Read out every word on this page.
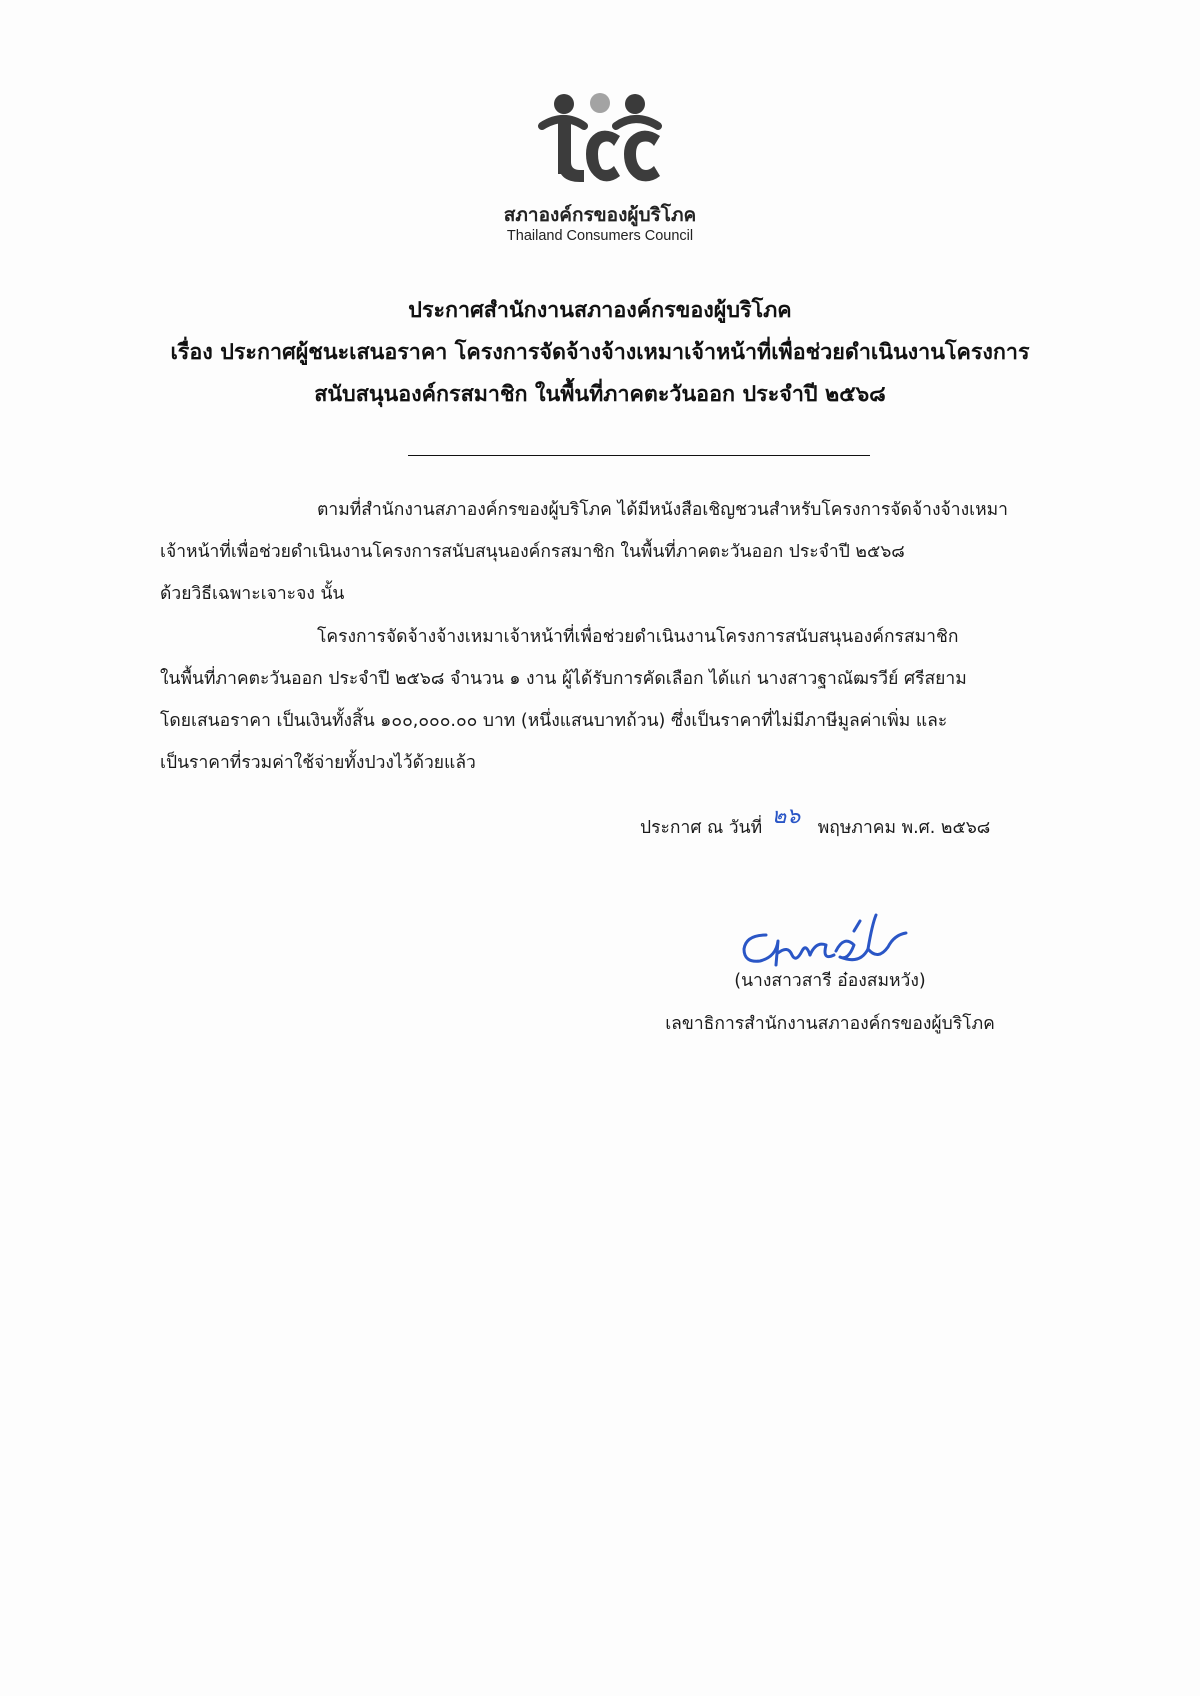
สภาองค์กรของผู้บริโภค
Thailand Consumers Council
ประกาศสำนักงานสภาองค์กรของผู้บริโภค
เรื่อง ประกาศผู้ชนะเสนอราคา โครงการจัดจ้างจ้างเหมาเจ้าหน้าที่เพื่อช่วยดำเนินงานโครงการ
สนับสนุนองค์กรสมาชิก ในพื้นที่ภาคตะวันออก ประจำปี ๒๕๖๘
ตามที่สำนักงานสภาองค์กรของผู้บริโภค ได้มีหนังสือเชิญชวนสำหรับโครงการจัดจ้างจ้างเหมา
เจ้าหน้าที่เพื่อช่วยดำเนินงานโครงการสนับสนุนองค์กรสมาชิก ในพื้นที่ภาคตะวันออก ประจำปี ๒๕๖๘
ด้วยวิธีเฉพาะเจาะจง นั้น
โครงการจัดจ้างจ้างเหมาเจ้าหน้าที่เพื่อช่วยดำเนินงานโครงการสนับสนุนองค์กรสมาชิก
ในพื้นที่ภาคตะวันออก ประจำปี ๒๕๖๘ จำนวน ๑ งาน ผู้ได้รับการคัดเลือก ได้แก่ นางสาวฐาณัฒรวีย์ ศรีสยาม
โดยเสนอราคา เป็นเงินทั้งสิ้น ๑๐๐,๐๐๐.๐๐ บาท (หนึ่งแสนบาทถ้วน) ซึ่งเป็นราคาที่ไม่มีภาษีมูลค่าเพิ่ม และ
เป็นราคาที่รวมค่าใช้จ่ายทั้งปวงไว้ด้วยแล้ว
ประกาศ ณ วันที่ ๒๖ พฤษภาคม พ.ศ. ๒๕๖๘
(นางสาวสารี อ๋องสมหวัง)
เลขาธิการสำนักงานสภาองค์กรของผู้บริโภค
